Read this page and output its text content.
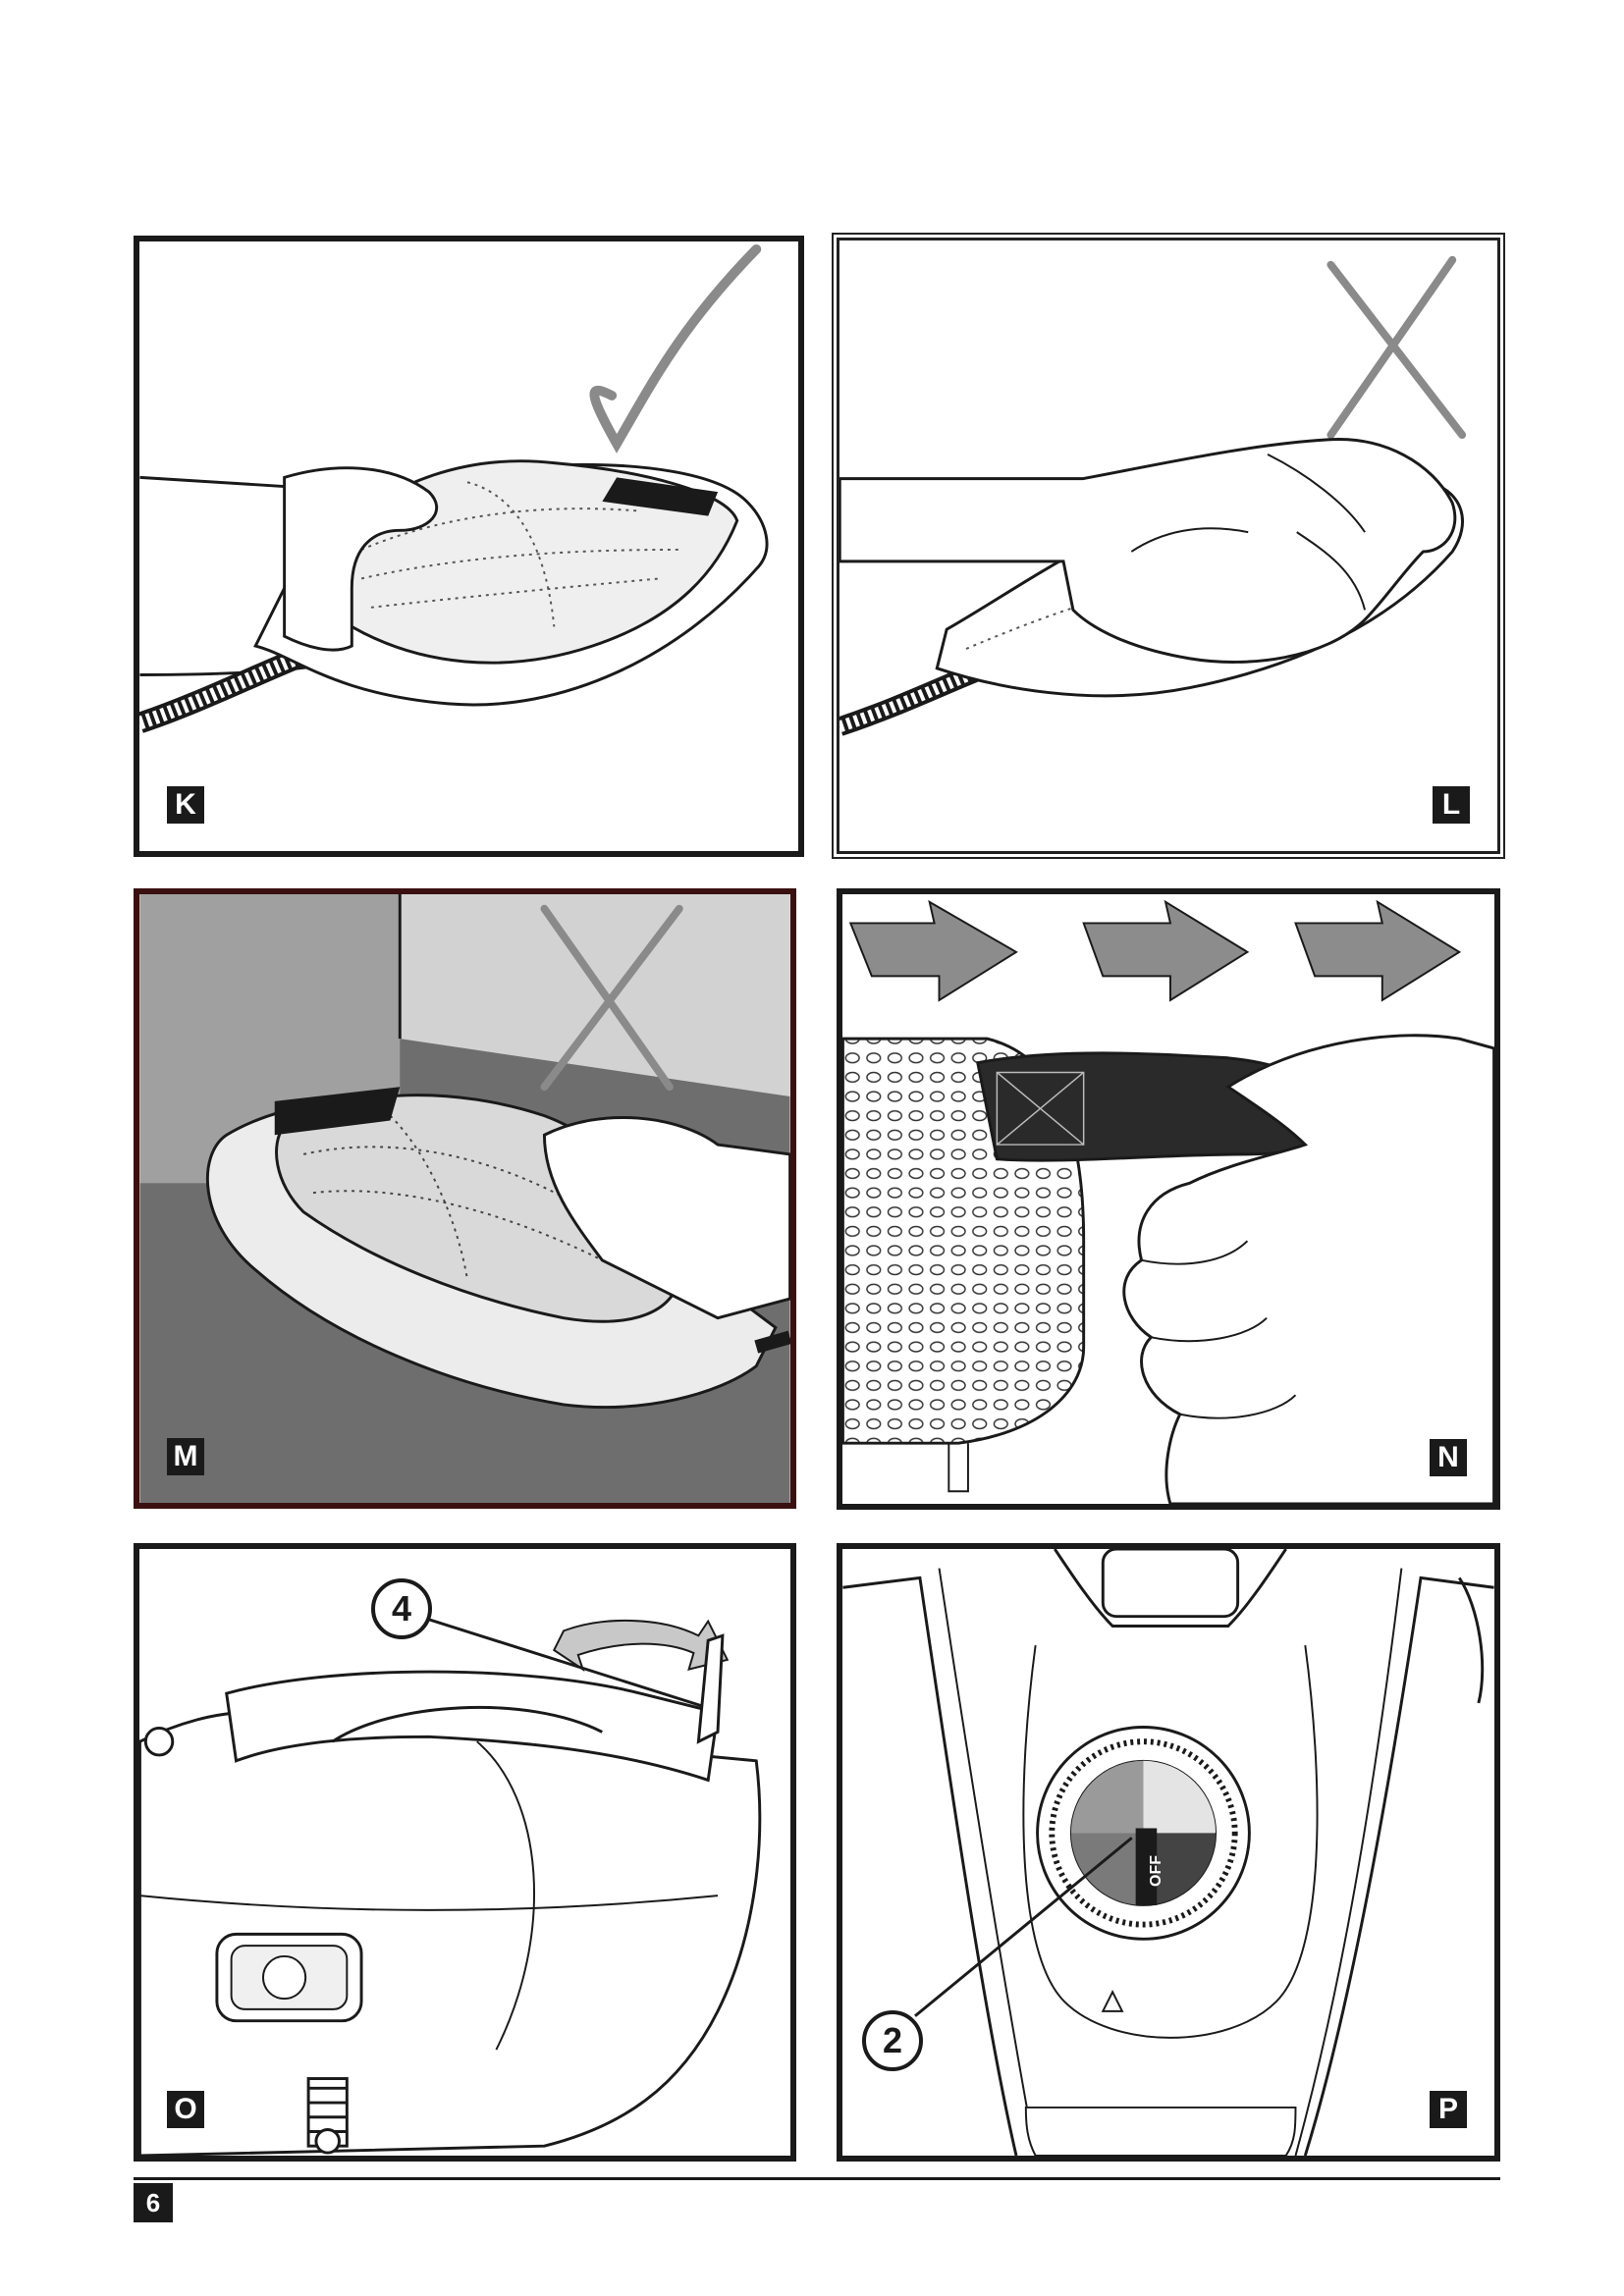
K	L
M	N
4
O
OFF
2
P
6
